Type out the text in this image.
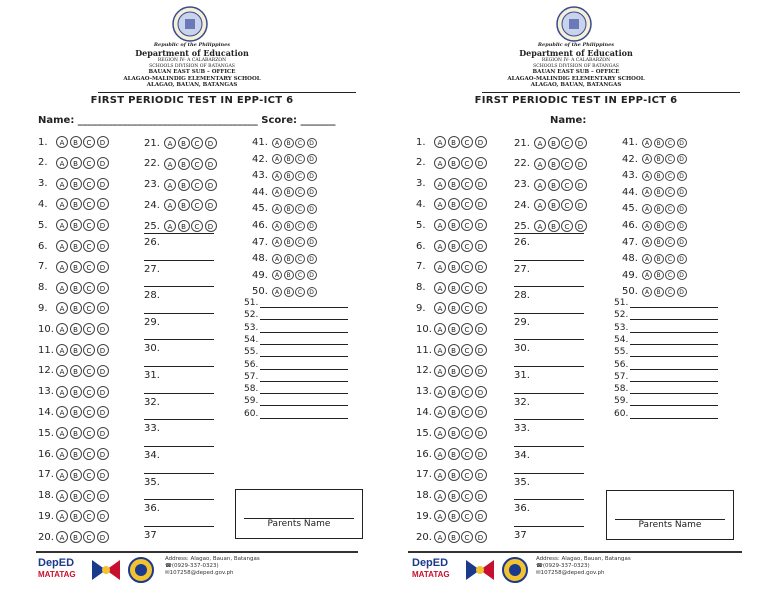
Republic of the Philippines
Department of Education
REGION IV- A CALABARZON
SCHOOLS DIVISION OF BATANGAS
BAUAN EAST SUB – OFFICE
ALAGAO-MALINDIG ELEMENTARY SCHOOL
ALAGAO, BAUAN, BATANGAS
FIRST PERIODIC TEST IN EPP-ICT 6
Name: ____________________________________ Score: _______
1. A B C D
2. A B C D
3. A B C D
4. A B C D
5. A B C D
6. A B C D
7. A B C D
8. A B C D
9. A B C D
10. A B C D
11. A B C D
12. A B C D
13. A B C D
14. A B C D
15. A B C D
16. A B C D
17. A B C D
18. A B C D
19. A B C D
20. A B C D
21. A B C D
22. A B C D
23. A B C D
24. A B C D
25. A B C D
26.
27.
28.
29.
30.
31.
32.
33.
34.
35.
36.
37
41. A B C D
42. A B C D
43. A B C D
44. A B C D
45. A B C D
46. A B C D
47. A B C D
48. A B C D
49. A B C D
50. A B C D
51.
52.
53.
54.
55.
56.
57.
58.
59.
60.
Parents Name
DepED
MATATAG
Address: Alagao, Bauan, Batangas
☎(0929-337-0323)
✉107258@deped.gov.ph
Republic of the Philippines
Department of Education
REGION IV- A CALABARZON
SCHOOLS DIVISION OF BATANGAS
BAUAN EAST SUB – OFFICE
ALAGAO-MALINDIG ELEMENTARY SCHOOL
ALAGAO, BAUAN, BATANGAS
FIRST PERIODIC TEST IN EPP-ICT 6
Name:
1. A B C D
2. A B C D
3. A B C D
4. A B C D
5. A B C D
6. A B C D
7. A B C D
8. A B C D
9. A B C D
10. A B C D
11. A B C D
12. A B C D
13. A B C D
14. A B C D
15. A B C D
16. A B C D
17. A B C D
18. A B C D
19. A B C D
20. A B C D
21. A B C D
22. A B C D
23. A B C D
24. A B C D
25. A B C D
26.
27.
28.
29.
30.
31.
32.
33.
34.
35.
36.
37
41. A B C D
42. A B C D
43. A B C D
44. A B C D
45. A B C D
46. A B C D
47. A B C D
48. A B C D
49. A B C D
50. A B C D
51.
52.
53.
54.
55.
56.
57.
58.
59.
60.
Parents Name
DepED
MATATAG
Address: Alagao, Bauan, Batangas
☎(0929-337-0323)
✉107258@deped.gov.ph
